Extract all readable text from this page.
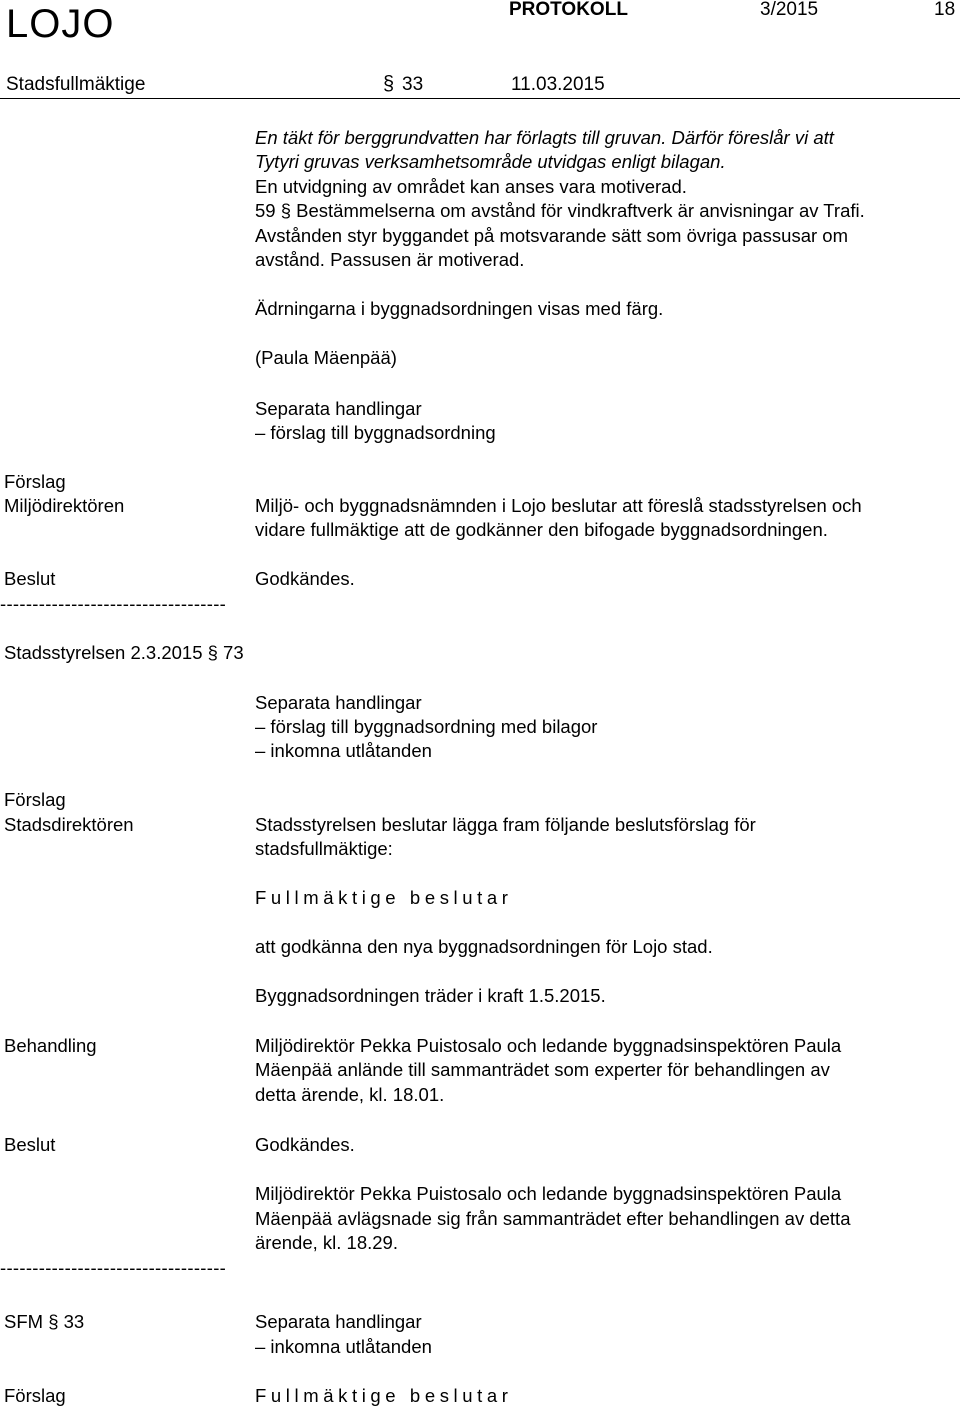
LOJO	PROTOKOLL	3/2015	18
Stadsfullmäktige	§ 33	11.03.2015
En täkt för berggrundvatten har förlagts till gruvan. Därför föreslår vi att
Tytyri gruvas verksamhetsområde utvidgas enligt bilagan.
En utvidgning av området kan anses vara motiverad.
59 § Bestämmelserna om avstånd för vindkraftverk är anvisningar av Trafi.
Avstånden styr byggandet på motsvarande sätt som övriga passusar om
avstånd. Passusen är motiverad.
Ädrningarna i byggnadsordningen visas med färg.
(Paula Mäenpää)
Separata handlingar
– förslag till byggnadsordning
Förslag
Miljödirektören	Miljö- och byggnadsnämnden i Lojo beslutar att föreslå stadsstyrelsen och
vidare fullmäktige att de godkänner den bifogade byggnadsordningen.
Beslut	Godkändes.
-----------------------------------
Stadsstyrelsen 2.3.2015 § 73
Separata handlingar
– förslag till byggnadsordning med bilagor
– inkomna utlåtanden
Förslag
Stadsdirektören	Stadsstyrelsen beslutar lägga fram följande beslutsförslag för
stadsfullmäktige:
Fullmäktige beslutar
att godkänna den nya byggnadsordningen för Lojo stad.
Byggnadsordningen träder i kraft 1.5.2015.
Behandling	Miljödirektör Pekka Puistosalo och ledande byggnadsinspektören Paula
Mäenpää anlände till sammanträdet som experter för behandlingen av
detta ärende, kl. 18.01.
Beslut	Godkändes.
Miljödirektör Pekka Puistosalo och ledande byggnadsinspektören Paula
Mäenpää avlägsnade sig från sammanträdet efter behandlingen av detta
ärende, kl. 18.29.
-----------------------------------
SFM § 33	Separata handlingar
– inkomna utlåtanden
Förslag	Fullmäktige beslutar
